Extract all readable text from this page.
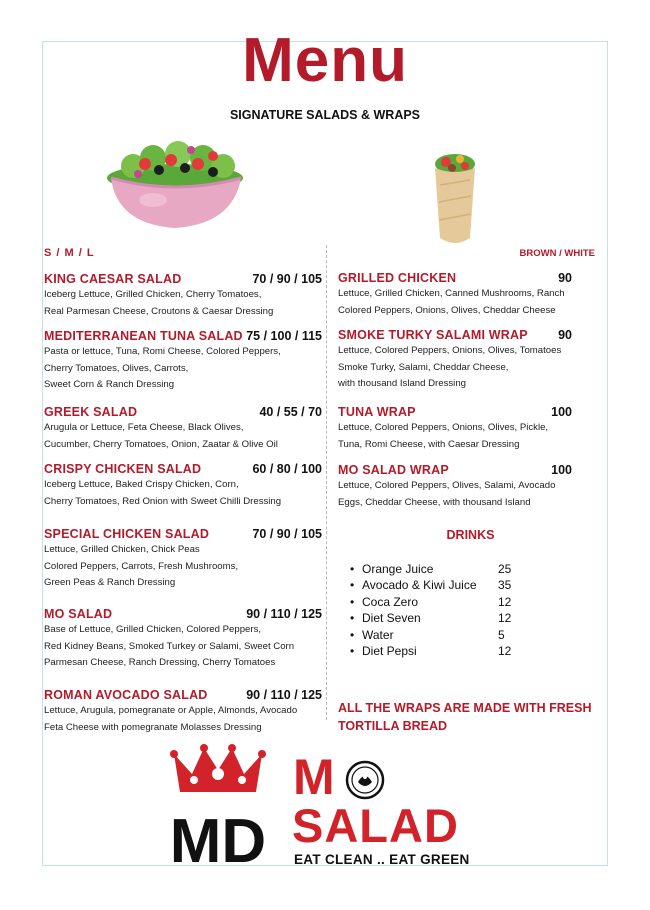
Menu
SIGNATURE SALADS & WRAPS
S / M / L	BROWN / WHITE
KING CAESAR SALAD	70 / 90 / 105
Iceberg Lettuce, Grilled Chicken, Cherry Tomatoes,
Real Parmesan Cheese, Croutons & Caesar Dressing
MEDITERRANEAN TUNA SALAD 75 / 100 / 115
Pasta or lettuce, Tuna, Romi Cheese, Colored Peppers,
Cherry Tomatoes, Olives, Carrots,
Sweet Corn & Ranch Dressing
GREEK SALAD	40 / 55 / 70
Arugula or Lettuce, Feta Cheese, Black Olives,
Cucumber, Cherry Tomatoes, Onion, Zaatar & Olive Oil
CRISPY CHICKEN SALAD	60 / 80 / 100
Iceberg Lettuce, Baked Crispy Chicken, Corn,
Cherry Tomatoes, Red Onion with Sweet Chilli Dressing
SPECIAL CHICKEN SALAD	70 / 90 / 105
Lettuce, Grilled Chicken, Chick Peas
Colored Peppers, Carrots, Fresh Mushrooms,
Green Peas & Ranch Dressing
MO SALAD	90 / 110 / 125
Base of Lettuce, Grilled Chicken, Colored Peppers,
Red Kidney Beans, Smoked Turkey or Salami, Sweet Corn
Parmesan Cheese, Ranch Dressing, Cherry Tomatoes
ROMAN AVOCADO SALAD	90 / 110 / 125
Lettuce, Arugula, pomegranate or Apple, Almonds, Avocado
Feta Cheese with pomegranate Molasses Dressing
GRILLED CHICKEN	90
Lettuce, Grilled Chicken, Canned Mushrooms, Ranch
Colored Peppers, Onions, Olives, Cheddar Cheese
SMOKE TURKY SALAMI WRAP 90
Lettuce, Colored Peppers, Onions, Olives, Tomatoes
Smoke Turky, Salami, Cheddar Cheese,
with thousand Island Dressing
TUNA WRAP	100
Lettuce, Colored Peppers, Onions, Olives, Pickle,
Tuna, Romi Cheese, with Caesar Dressing
MO SALAD WRAP	100
Lettuce, Colored Peppers, Olives, Salami, Avocado
Eggs, Cheddar Cheese, with thousand Island
DRINKS
• Orange Juice	25
• Avocado & Kiwi Juice	35
• Coca Zero	12
• Diet Seven	12
• Water	5
• Diet Pepsi	12
ALL THE WRAPS ARE MADE WITH FRESH TORTILLA BREAD
MD
M
SALAD
EAT CLEAN .. EAT GREEN
